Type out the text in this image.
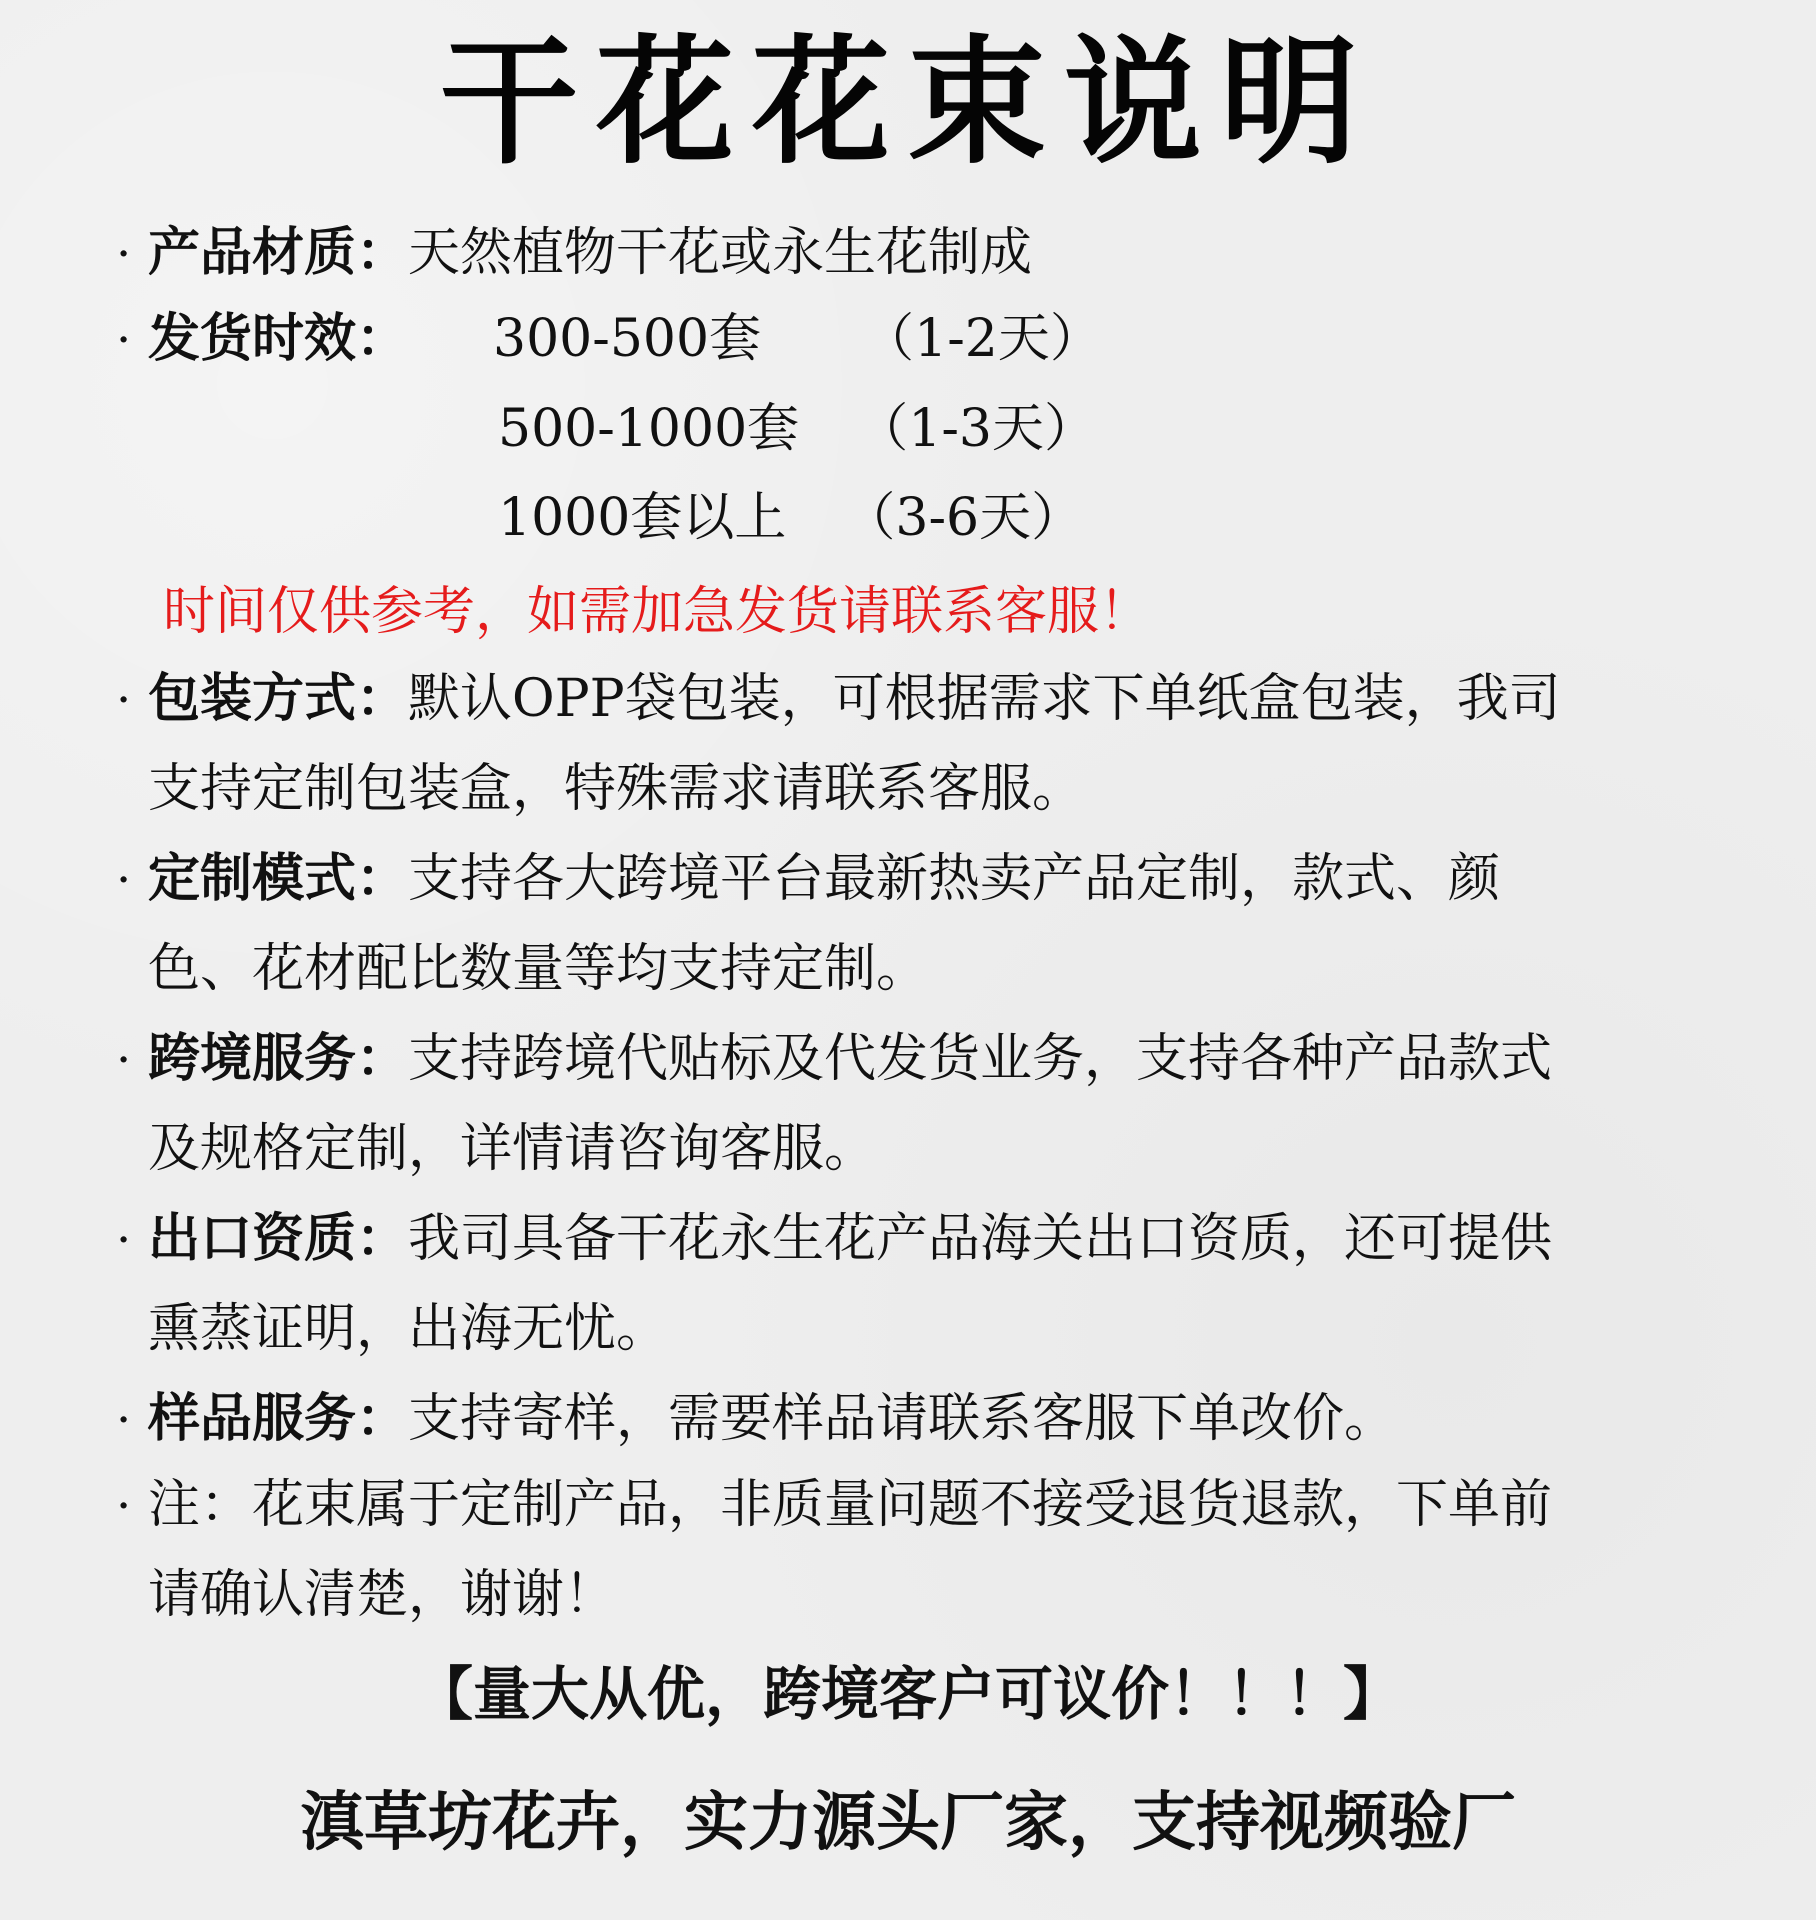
干花花束说明
· 产品材质：天然植物干花或永生花制成
· 发货时效： 300-500套 （1-2天）
500-1000套 （1-3天）
1000套以上 （3-6天）
时间仅供参考，如需加急发货请联系客服！
· 包装方式：默认OPP袋包装，可根据需求下单纸盒包装，我司
支持定制包装盒，特殊需求请联系客服。
· 定制模式：支持各大跨境平台最新热卖产品定制，款式、颜
色、花材配比数量等均支持定制。
· 跨境服务：支持跨境代贴标及代发货业务，支持各种产品款式
及规格定制，详情请咨询客服。
· 出口资质：我司具备干花永生花产品海关出口资质，还可提供
熏蒸证明，出海无忧。
· 样品服务：支持寄样，需要样品请联系客服下单改价。
· 注：花束属于定制产品，非质量问题不接受退货退款，下单前
请确认清楚，谢谢！
【量大从优，跨境客户可议价！！！】
滇草坊花卉，实力源头厂家，支持视频验厂
